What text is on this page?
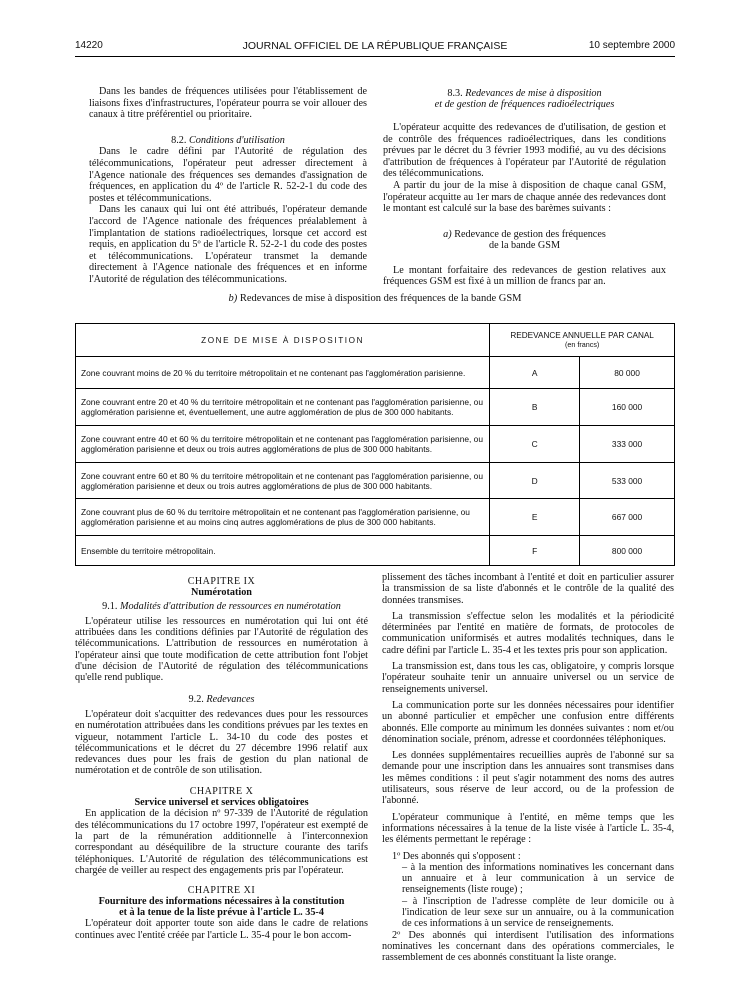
14220	JOURNAL OFFICIEL DE LA RÉPUBLIQUE FRANÇAISE	10 septembre 2000

Dans les bandes de fréquences utilisées pour l'établissement de liaisons fixes d'infrastructures, l'opérateur pourra se voir allouer des canaux à titre préférentiel ou prioritaire.

8.2. Conditions d'utilisation

Dans le cadre défini par l'Autorité de régulation des télécommunications, l'opérateur peut adresser directement à l'Agence nationale des fréquences ses demandes d'assignation de fréquences, en application du 4º de l'article R. 52-2-1 du code des postes et télécommunications.

Dans les canaux qui lui ont été attribués, l'opérateur demande l'accord de l'Agence nationale des fréquences préalablement à l'implantation de stations radioélectriques, lorsque cet accord est requis, en application du 5º de l'article R. 52-2-1 du code des postes et télécommunications. L'opérateur transmet la demande directement à l'Agence nationale des fréquences et en informe l'Autorité de régulation des télécommunications.

8.3. Redevances de mise à disposition
et de gestion de fréquences radioélectriques

L'opérateur acquitte des redevances de d'utilisation, de gestion et de contrôle des fréquences radioélectriques, dans les conditions prévues par le décret du 3 février 1993 modifié, au vu des décisions d'attribution de fréquences à l'opérateur par l'Autorité de régulation des télécommunications.

A partir du jour de la mise à disposition de chaque canal GSM, l'opérateur acquitte au 1er mars de chaque année des redevances dont le montant est calculé sur la base des barèmes suivants :

a) Redevance de gestion des fréquences
de la bande GSM

Le montant forfaitaire des redevances de gestion relatives aux fréquences GSM est fixé à un million de francs par an.

b) Redevances de mise à disposition des fréquences de la bande GSM
ZONE DE MISE À DISPOSITION	REDEVANCE ANNUELLE PAR CANAL
(en francs)	

Zone couvrant moins de 20 % du territoire métropolitain et ne contenant pas l'agglomération parisienne.	A	80 000
Zone couvrant entre 20 et 40 % du territoire métropolitain et ne contenant pas l'agglomération parisienne, ou agglomération parisienne et, éventuellement, une autre agglomération de plus de 300 000 habitants.	B	160 000
Zone couvrant entre 40 et 60 % du territoire métropolitain et ne contenant pas l'agglomération parisienne, ou agglomération parisienne et deux ou trois autres agglomérations de plus de 300 000 habitants.	C	333 000
Zone couvrant entre 60 et 80 % du territoire métropolitain et ne contenant pas l'agglomération parisienne, ou agglomération parisienne et deux ou trois autres agglomérations de plus de 300 000 habitants.	D	533 000
Zone couvrant plus de 60 % du territoire métropolitain et ne contenant pas l'agglomération parisienne, ou agglomération parisienne et au moins cinq autres agglomérations de plus de 300 000 habitants.	E	667 000
Ensemble du territoire métropolitain.	F	800 000

CHAPITRE IX

Numérotation

9.1. Modalités d'attribution de ressources en numérotation

L'opérateur utilise les ressources en numérotation qui lui ont été attribuées dans les conditions définies par l'Autorité de régulation des télécommunications. L'attribution de ressources en numérotation à l'opérateur ainsi que toute modification de cette attribution font l'objet d'une décision de l'Autorité de régulation des télécommunications qu'elle rend publique.

9.2. Redevances

L'opérateur doit s'acquitter des redevances dues pour les ressources en numérotation attribuées dans les conditions prévues par les textes en vigueur, notamment l'article L. 34-10 du code des postes et télécommunications et le décret du 27 décembre 1996 relatif aux redevances dues pour les frais de gestion du plan national de numérotation et de contrôle de son utilisation.

CHAPITRE X

Service universel et services obligatoires

En application de la décision nº 97-339 de l'Autorité de régulation des télécommunications du 17 octobre 1997, l'opérateur est exempté de la part de la rémunération additionnelle à l'interconnexion correspondant au déséquilibre de la structure courante des tarifs téléphoniques. L'Autorité de régulation des télécommunications est chargée de veiller au respect des engagements pris par l'opérateur.

CHAPITRE XI

Fourniture des informations nécessaires à la constitution
et à la tenue de la liste prévue à l'article L. 35-4

L'opérateur doit apporter toute son aide dans le cadre de relations continues avec l'entité créée par l'article L. 35-4 pour le bon accom-

plissement des tâches incombant à l'entité et doit en particulier assurer la transmission de sa liste d'abonnés et le contrôle de la qualité des données transmises.

La transmission s'effectue selon les modalités et la périodicité déterminées par l'entité en matière de formats, de protocoles de communication uniformisés et autres modalités techniques, dans le cadre défini par l'article L. 35-4 et les textes pris pour son application.

La transmission est, dans tous les cas, obligatoire, y compris lorsque l'opérateur souhaite tenir un annuaire universel ou un service de renseignements universel.

La communication porte sur les données nécessaires pour identifier un abonné particulier et empêcher une confusion entre différents abonnés. Elle comporte au minimum les données suivantes : nom et/ou dénomination sociale, prénom, adresse et coordonnées téléphoniques.

Les données supplémentaires recueillies auprès de l'abonné sur sa demande pour une inscription dans les annuaires sont transmises dans les mêmes conditions : il peut s'agir notamment des noms des autres utilisateurs, sous réserve de leur accord, ou de la profession de l'abonné.

L'opérateur communique à l'entité, en même temps que les informations nécessaires à la tenue de la liste visée à l'article L. 35-4, les éléments permettant le repérage :

1º Des abonnés qui s'opposent :

– à la mention des informations nominatives les concernant dans un annuaire et à leur communication à un service de renseignements (liste rouge) ;

– à l'inscription de l'adresse complète de leur domicile ou à l'indication de leur sexe sur un annuaire, ou à la communication de ces informations à un service de renseignements.

2º Des abonnés qui interdisent l'utilisation des informations nominatives les concernant dans des opérations commerciales, le rassemblement de ces abonnés constituant la liste orange.
